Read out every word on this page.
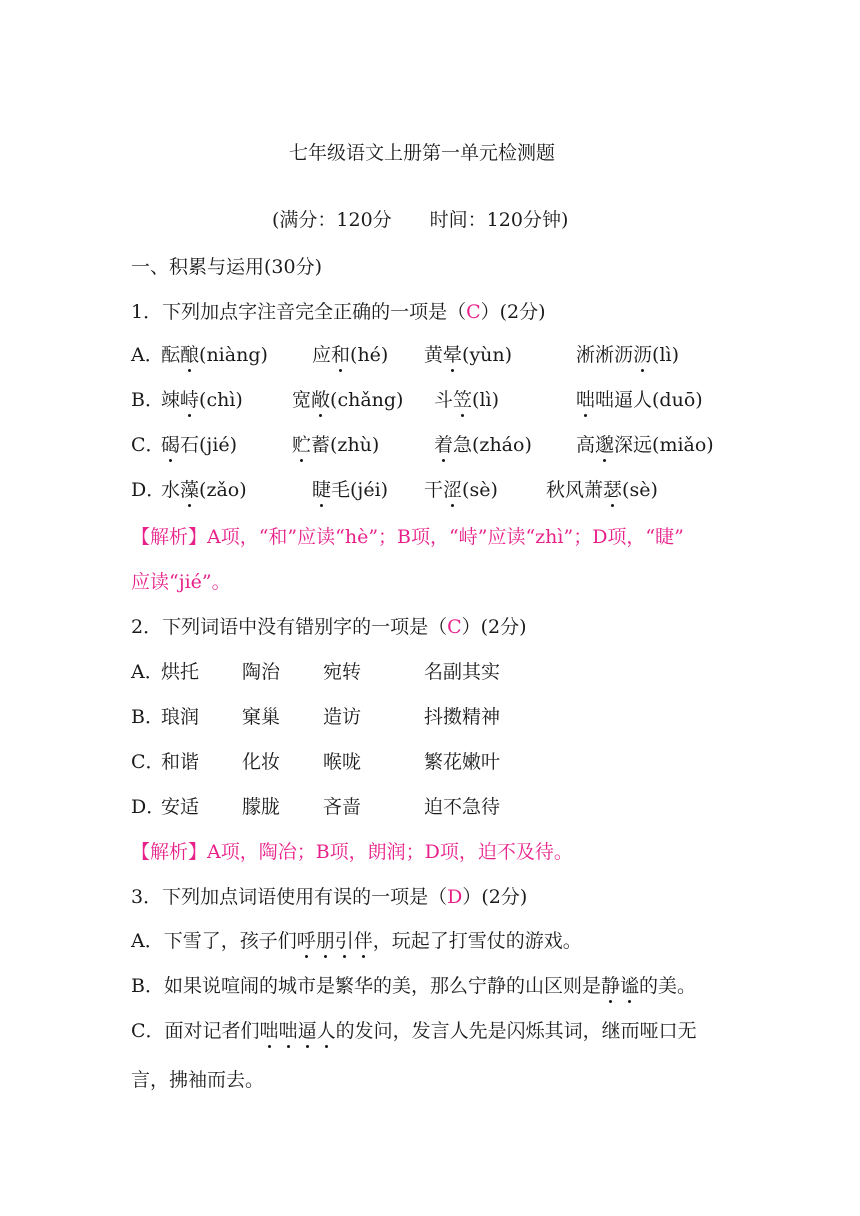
七年级语文上册第一单元检测题
(满分：120分　　时间：120分钟)
一、积累与运用(30分)
1．下列加点字注音完全正确的一项是（C）(2分)
A．
酝酿(niàng) 应和(hé) 黄晕(yùn)	淅淅沥沥(lì)
B．
竦峙(chì)	宽敞(chǎng) 斗笠(lì)	咄咄逼人(duō)
C．
碣石(jié)	贮蓄(zhù)	着急(zháo) 高邈深远(miǎo)
D．
水藻(zǎo)	睫毛(jéi) 干涩(sè)	秋风萧瑟(sè)
【解析】A项，“和”应读“hè”；B项，“峙”应读“zhì”；D项，“睫”
应读“jié”。
2．下列词语中没有错别字的一项是（C）(2分)
A．
烘托 陶治 宛转	名副其实
B．
琅润 窠巢 造访	抖擞精神
C．
和谐 化妆 喉咙	繁花嫩叶
D．
安适 朦胧 吝啬	迫不急待
【解析】A项，陶冶；B项，朗润；D项，迫不及待。
3．下列加点词语使用有误的一项是（D）(2分)
A．下雪了，孩子们呼朋引伴，玩起了打雪仗的游戏。
B．如果说喧闹的城市是繁华的美，那么宁静的山区则是静谧的美。
C．面对记者们咄咄逼人的发问，发言人先是闪烁其词，继而哑口无
言，拂袖而去。
